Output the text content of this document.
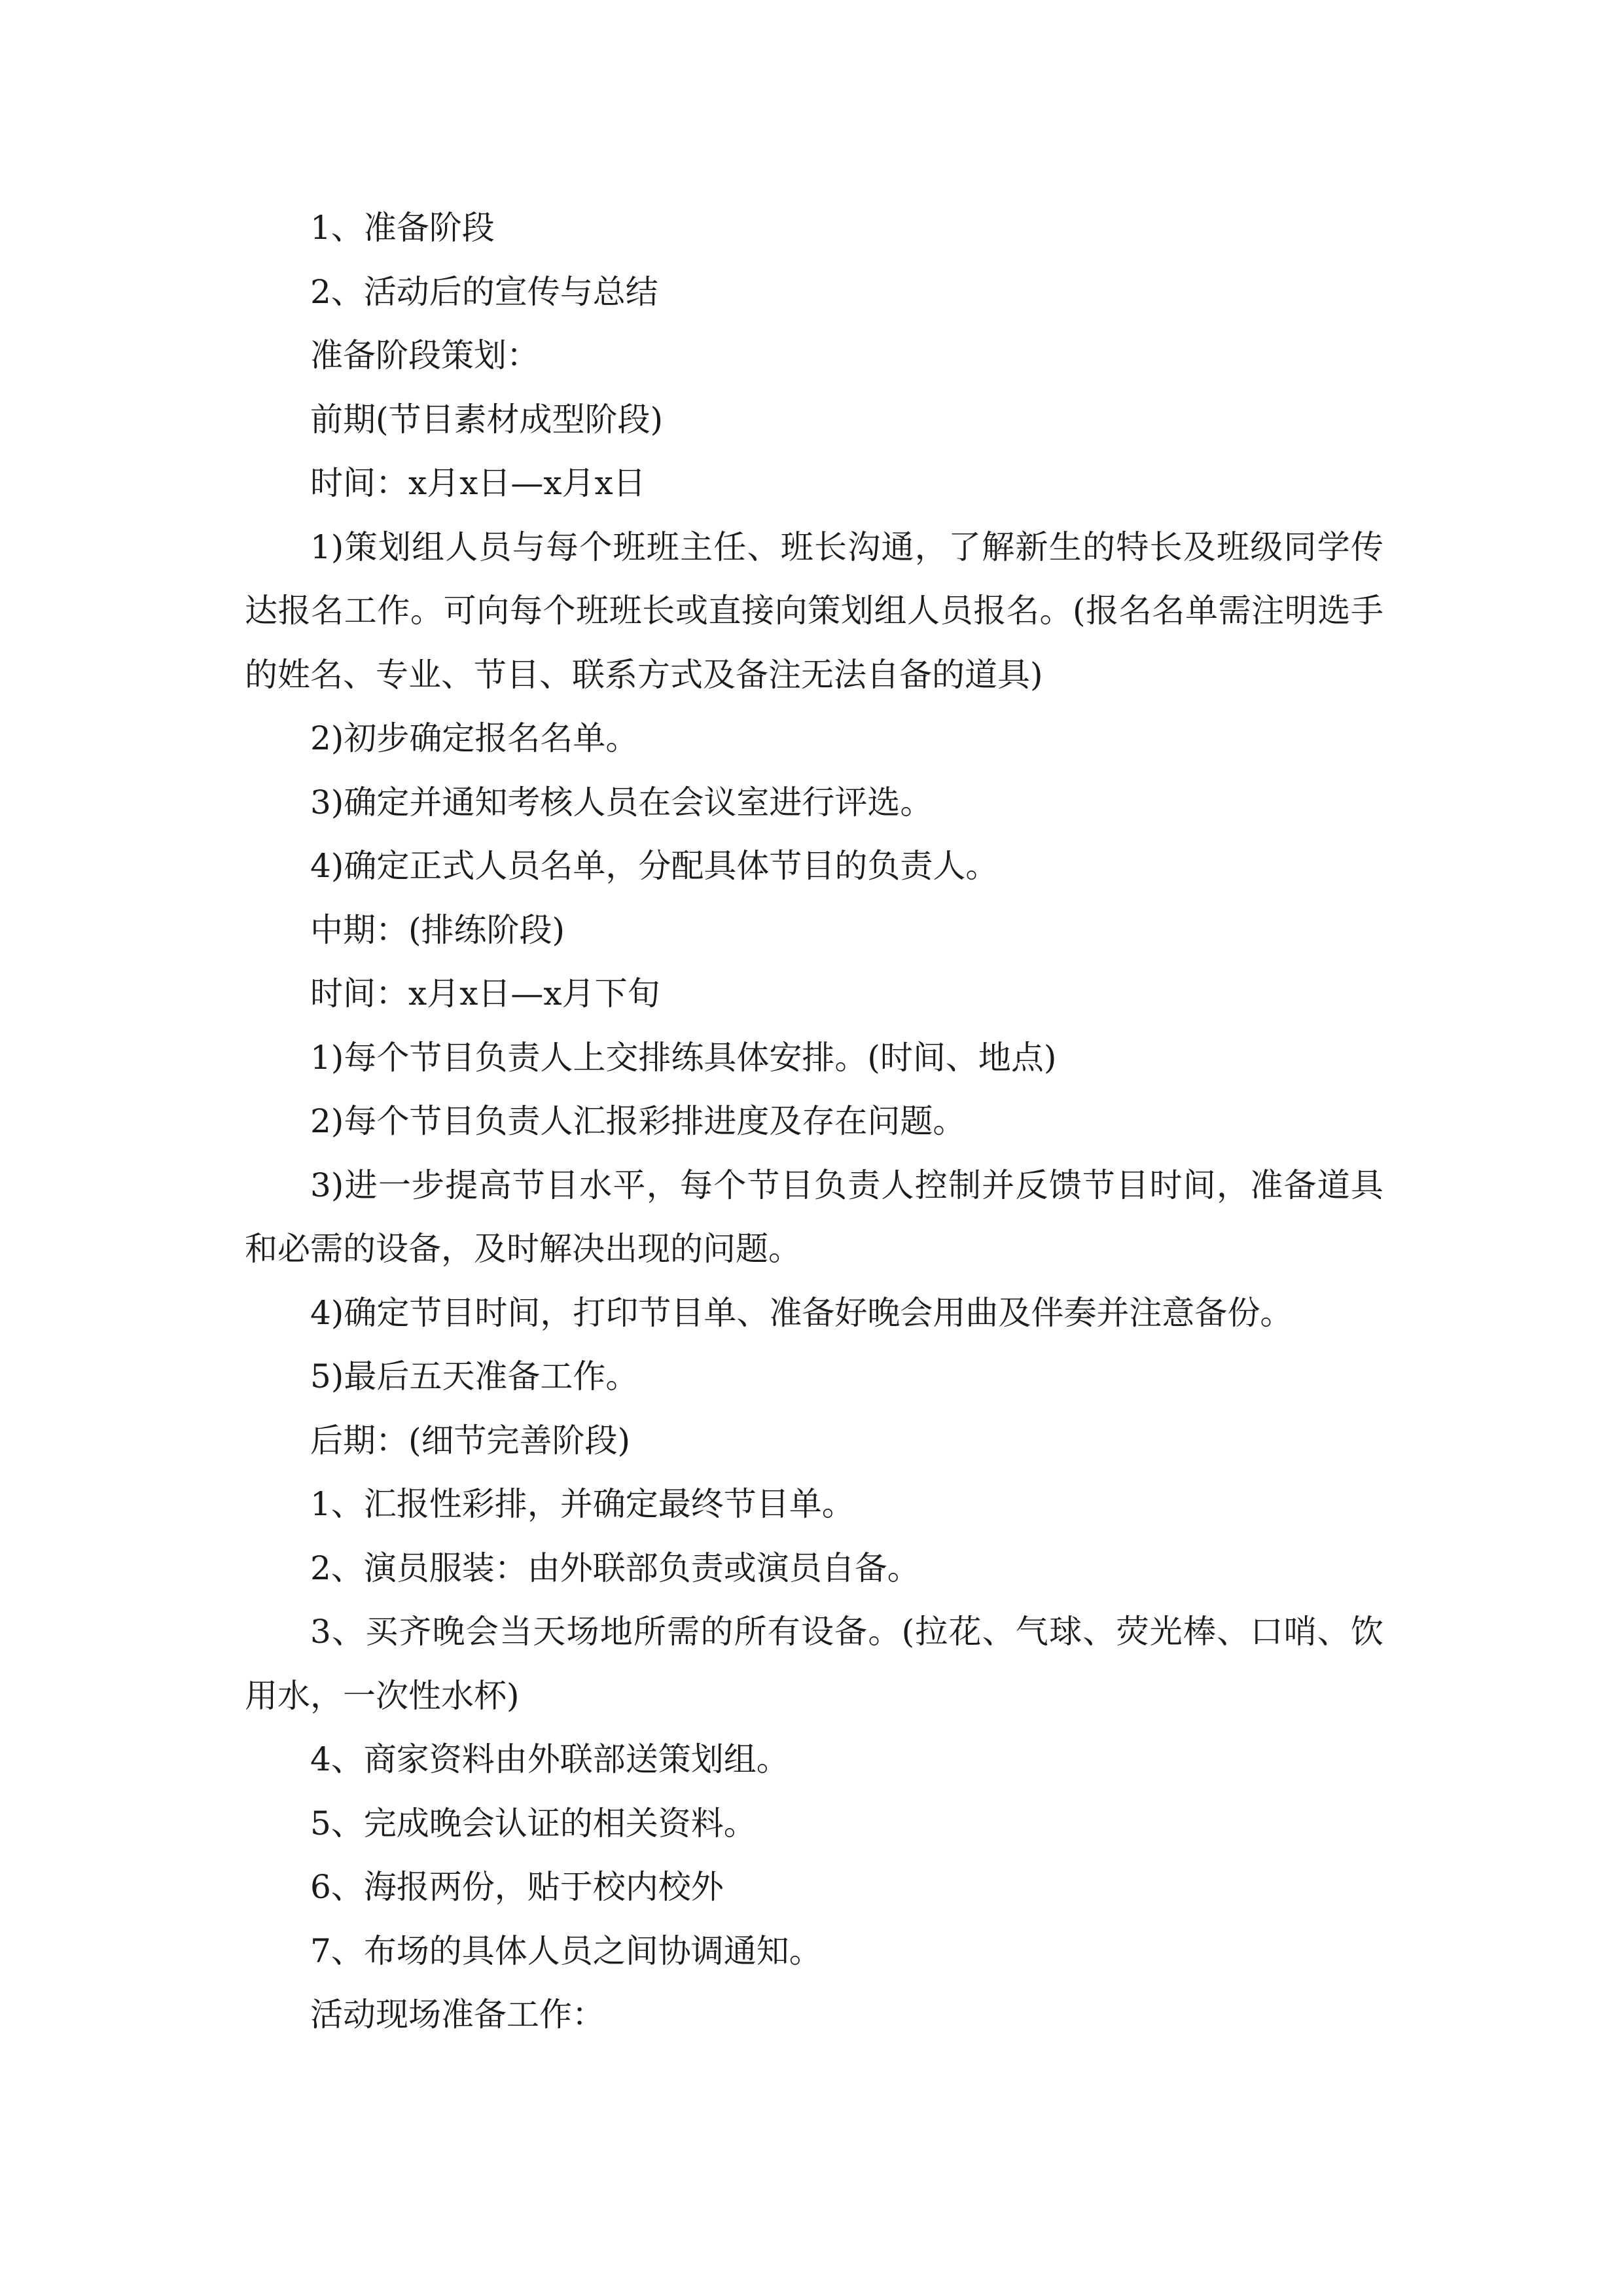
1、准备阶段

2、活动后的宣传与总结

准备阶段策划：

前期(节目素材成型阶段)

时间：x月x日—x月x日

1)策划组人员与每个班班主任、班长沟通，了解新生的特长及班级同学传达报名工作。可向每个班班长或直接向策划组人员报名。(报名名单需注明选手的姓名、专业、节目、联系方式及备注无法自备的道具)

2)初步确定报名名单。

3)确定并通知考核人员在会议室进行评选。

4)确定正式人员名单，分配具体节目的负责人。

中期：(排练阶段)

时间：x月x日—x月下旬

1)每个节目负责人上交排练具体安排。(时间、地点)

2)每个节目负责人汇报彩排进度及存在问题。

3)进一步提高节目水平，每个节目负责人控制并反馈节目时间，准备道具和必需的设备，及时解决出现的问题。

4)确定节目时间，打印节目单、准备好晚会用曲及伴奏并注意备份。

5)最后五天准备工作。

后期：(细节完善阶段)

1、汇报性彩排，并确定最终节目单。

2、演员服装：由外联部负责或演员自备。

3、买齐晚会当天场地所需的所有设备。(拉花、气球、荧光棒、口哨、饮用水，一次性水杯)

4、商家资料由外联部送策划组。

5、完成晚会认证的相关资料。

6、海报两份，贴于校内校外

7、布场的具体人员之间协调通知。

活动现场准备工作：
